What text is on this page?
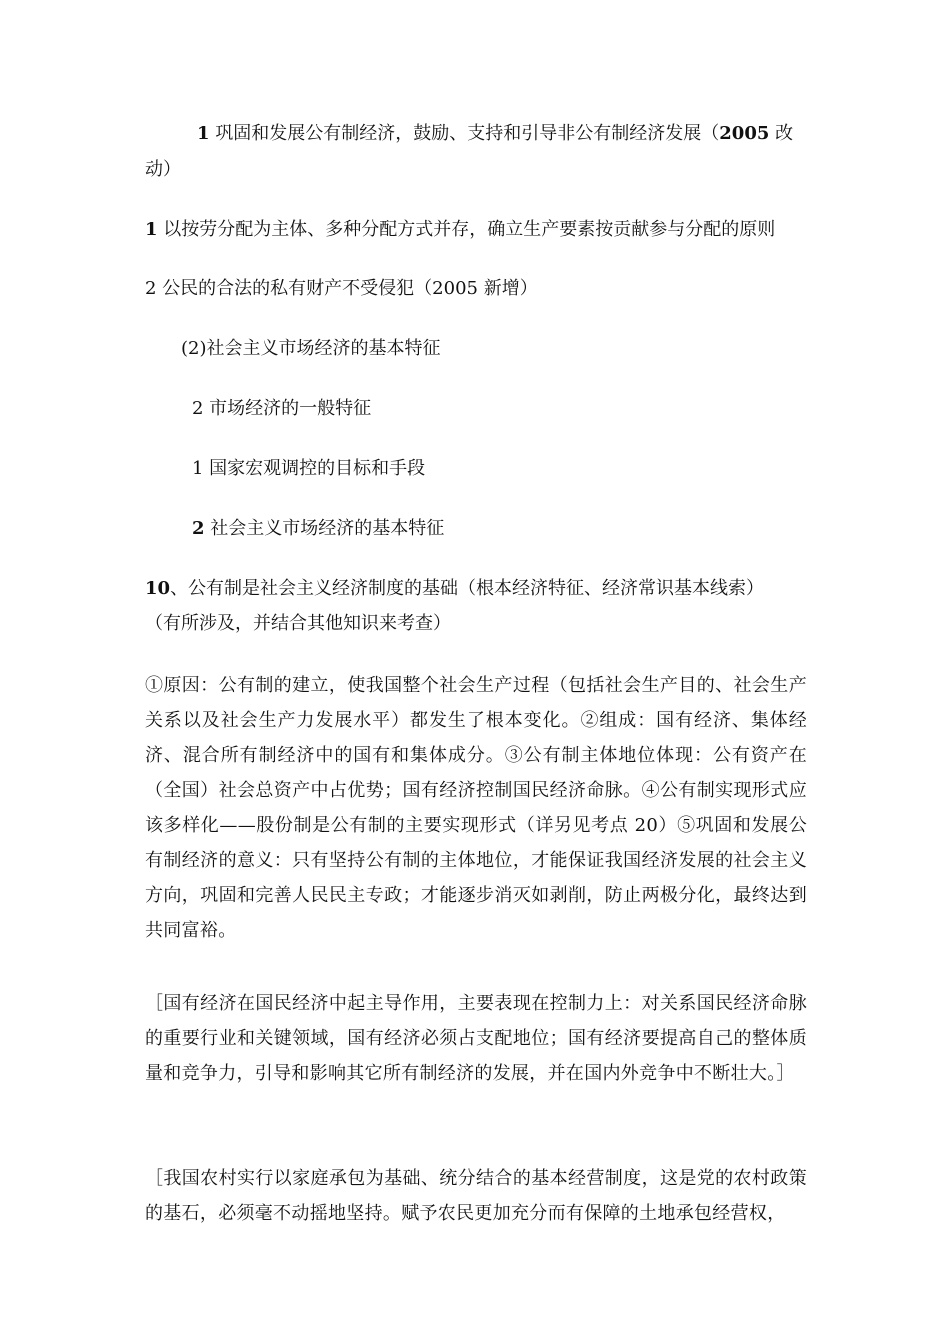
1 巩固和发展公有制经济，鼓励、支持和引导非公有制经济发展（2005 改
动）
1 以按劳分配为主体、多种分配方式并存，确立生产要素按贡献参与分配的原则
2 公民的合法的私有财产不受侵犯（2005 新增）
(2)社会主义市场经济的基本特征
2 市场经济的一般特征
1 国家宏观调控的目标和手段
2 社会主义市场经济的基本特征
10、公有制是社会主义经济制度的基础（根本经济特征、经济常识基本线索）
（有所涉及，并结合其他知识来考查）
①原因：公有制的建立，使我国整个社会生产过程（包括社会生产目的、社会生产关系以及社会生产力发展水平）都发生了根本变化。②组成：国有经济、集体经济、混合所有制经济中的国有和集体成分。③公有制主体地位体现：公有资产在（全国）社会总资产中占优势；国有经济控制国民经济命脉。④公有制实现形式应该多样化——股份制是公有制的主要实现形式（详另见考点 20）⑤巩固和发展公有制经济的意义：只有坚持公有制的主体地位，才能保证我国经济发展的社会主义方向，巩固和完善人民民主专政；才能逐步消灭如剥削，防止两极分化，最终达到共同富裕。
［国有经济在国民经济中起主导作用，主要表现在控制力上：对关系国民经济命脉的重要行业和关键领域，国有经济必须占支配地位；国有经济要提高自己的整体质量和竞争力，引导和影响其它所有制经济的发展，并在国内外竞争中不断壮大。］
［我国农村实行以家庭承包为基础、统分结合的基本经营制度，这是党的农村政策的基石，必须毫不动摇地坚持。赋予农民更加充分而有保障的土地承包经营权，
